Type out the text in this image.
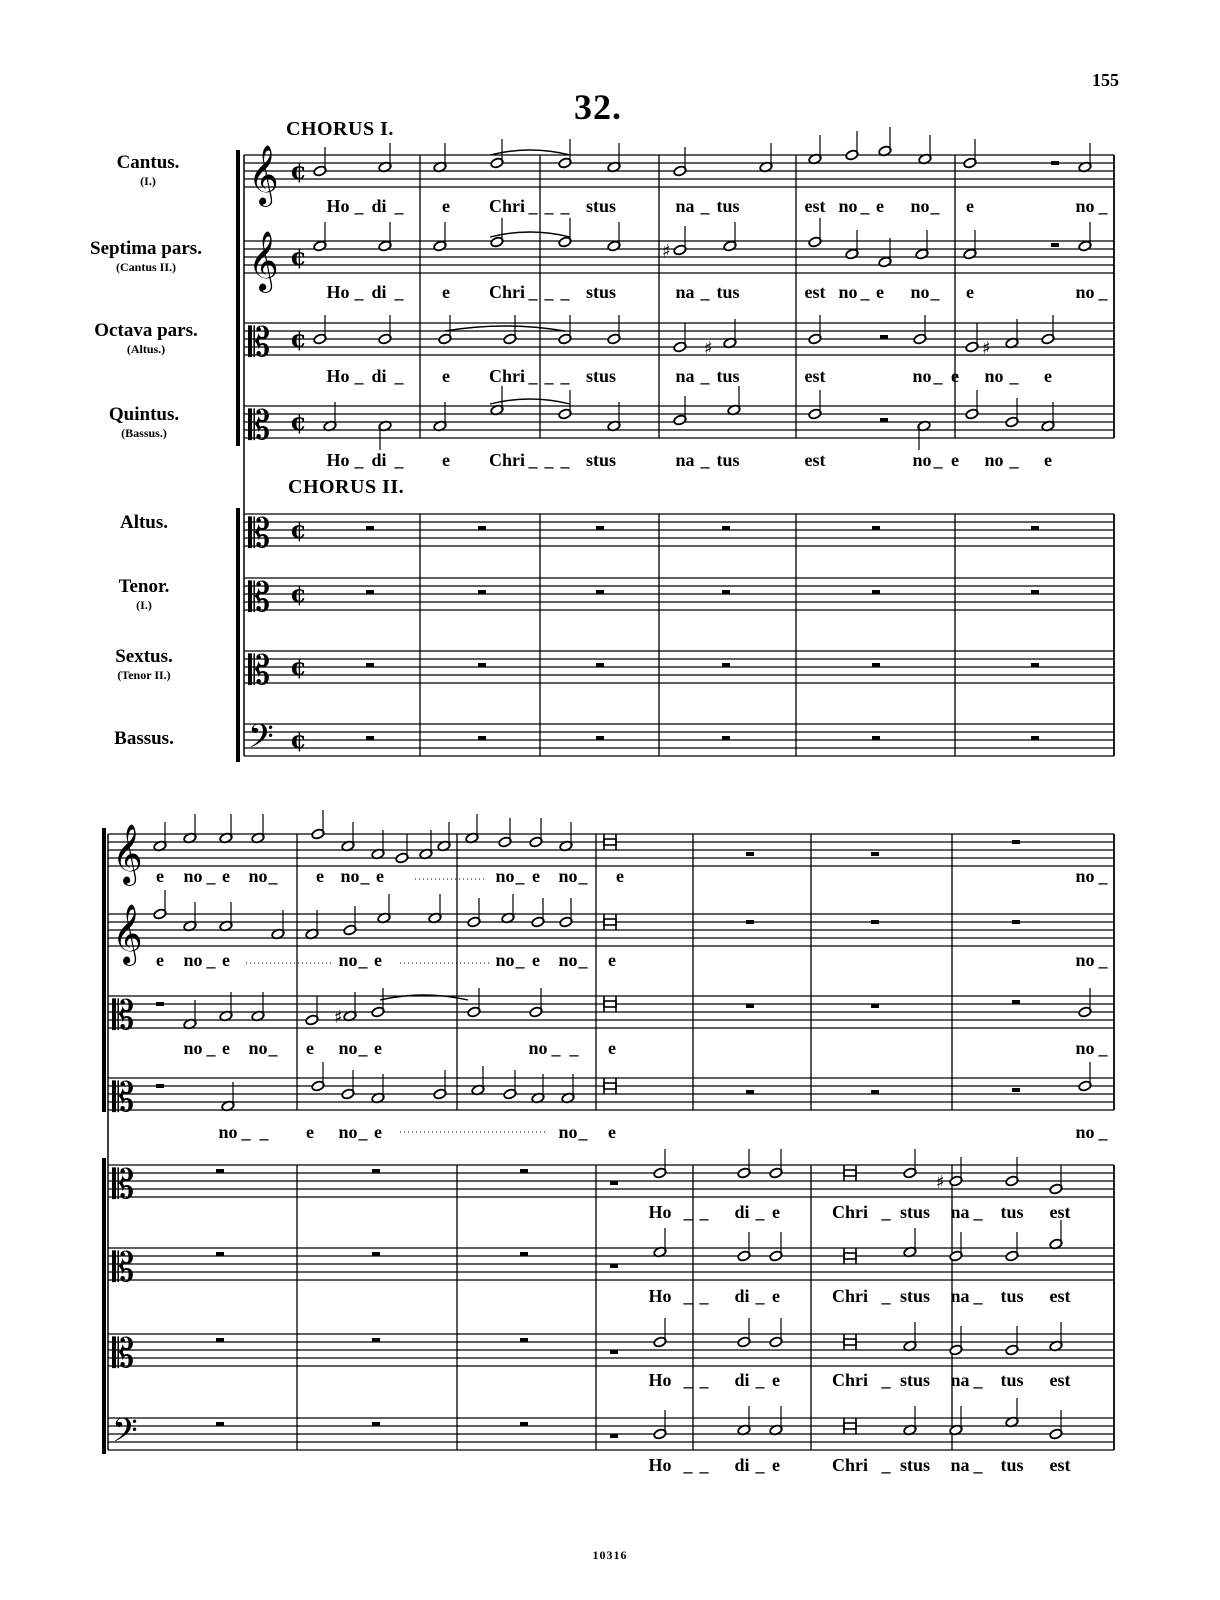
155
32.
CHORUS I.
CHORUS II.
Cantus.
(I.)
Septima pars.
(Cantus II.)
Octava pars.
(Altus.)
Quintus.
(Bassus.)
Altus.
Tenor.
(I.)
Sextus.
(Tenor II.)
Bassus.
𝄞 ¢
𝄞 ¢
𝄡 ¢
𝄡 ¢
𝄡 ¢
𝄡 ¢
𝄡 ¢
𝄢 ¢
♯
♯	♯
𝄞
𝄞
𝄡
𝄡
𝄡
𝄡
𝄡
𝄢
♯
♯
Ho _ di _ e Chri _ _ _ stus	na _ tus	est no _ e no _ e	no _
Ho _ di _ e Chri _ _ _ stus	na _ tus	est no _ e no _ e	no _
Ho _ di _ e Chri _ _ _ stus	na _ tus	est	no _ e no _ e
Ho _ di _ e Chri _ _ _ stus	na _ tus	est	no _ e no _ e
e no _ e no _ e no _ e	no _ e no _ e	no _
e no _ e	no _ e	no _ e no _ e	no _
no _ e no _ e no _ e	no _ _ e	no _
no _ _ e no _ e	no _ e	no _
Ho _ _ di _ e	Chri _ stus na _ tus est
Ho _ _ di _ e	Chri _ stus na _ tus est
Ho _ _ di _ e	Chri _ stus na _ tus est
Ho _ _ di _ e	Chri _ stus na _ tus est
10316
